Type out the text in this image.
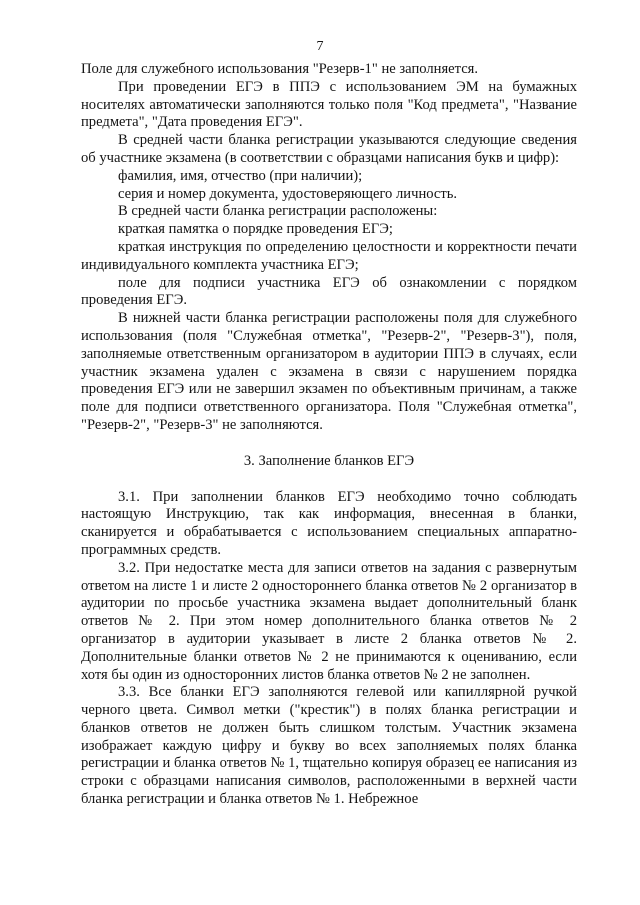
7

Поле для служебного использования "Резерв-1" не заполняется.

При проведении ЕГЭ в ППЭ с использованием ЭМ на бумажных носителях автоматически заполняются только поля "Код предмета", "Название предмета", "Дата проведения ЕГЭ".

В средней части бланка регистрации указываются следующие сведения об участнике экзамена (в соответствии с образцами написания букв и цифр):

фамилия, имя, отчество (при наличии);

серия и номер документа, удостоверяющего личность.

В средней части бланка регистрации расположены:

краткая памятка о порядке проведения ЕГЭ;

краткая инструкция по определению целостности и корректности печати индивидуального комплекта участника ЕГЭ;

поле для подписи участника ЕГЭ об ознакомлении с порядком проведения ЕГЭ.

В нижней части бланка регистрации расположены поля для служебного использования (поля "Служебная отметка", "Резерв-2", "Резерв-3"), поля, заполняемые ответственным организатором в аудитории ППЭ в случаях, если участник экзамена удален с экзамена в связи с нарушением порядка проведения ЕГЭ или не завершил экзамен по объективным причинам, а также поле для подписи ответственного организатора. Поля "Служебная отметка", "Резерв-2", "Резерв-3" не заполняются.

3. Заполнение бланков ЕГЭ

3.1. При заполнении бланков ЕГЭ необходимо точно соблюдать настоящую Инструкцию, так как информация, внесенная в бланки, сканируется и обрабатывается с использованием специальных аппаратно-программных средств.

3.2. При недостатке места для записи ответов на задания с развернутым ответом на листе 1 и листе 2 одностороннего бланка ответов № 2 организатор в аудитории по просьбе участника экзамена выдает дополнительный бланк ответов № 2. При этом номер дополнительного бланка ответов № 2 организатор в аудитории указывает в листе 2 бланка ответов № 2. Дополнительные бланки ответов № 2 не принимаются к оцениванию, если хотя бы один из односторонних листов бланка ответов № 2 не заполнен.

3.3. Все бланки ЕГЭ заполняются гелевой или капиллярной ручкой черного цвета. Символ метки ("крестик") в полях бланка регистрации и бланков ответов не должен быть слишком толстым. Участник экзамена изображает каждую цифру и букву во всех заполняемых полях бланка регистрации и бланка ответов № 1, тщательно копируя образец ее написания из строки с образцами написания символов, расположенными в верхней части бланка регистрации и бланка ответов № 1. Небрежное
